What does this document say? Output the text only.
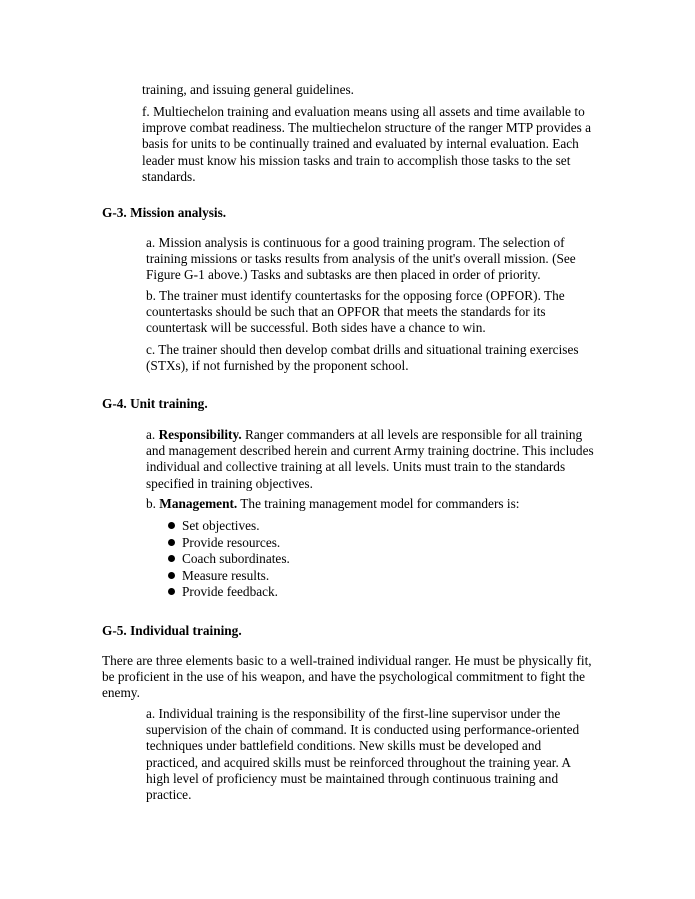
training, and issuing general guidelines.

f. Multiechelon training and evaluation means using all assets and time available to improve combat readiness. The multiechelon structure of the ranger MTP provides a basis for units to be continually trained and evaluated by internal evaluation. Each leader must know his mission tasks and train to accomplish those tasks to the set standards.

G-3. Mission analysis.

a. Mission analysis is continuous for a good training program. The selection of training missions or tasks results from analysis of the unit's overall mission. (See Figure G-1 above.) Tasks and subtasks are then placed in order of priority.

b. The trainer must identify countertasks for the opposing force (OPFOR). The countertasks should be such that an OPFOR that meets the standards for its countertask will be successful. Both sides have a chance to win.

c. The trainer should then develop combat drills and situational training exercises (STXs), if not furnished by the proponent school.

G-4. Unit training.

a. Responsibility. Ranger commanders at all levels are responsible for all training and management described herein and current Army training doctrine. This includes individual and collective training at all levels. Units must train to the standards specified in training objectives.

b. Management. The training management model for commanders is:

Set objectives.
Provide resources.
Coach subordinates.
Measure results.
Provide feedback.
G-5. Individual training.

There are three elements basic to a well-trained individual ranger. He must be physically fit, be proficient in the use of his weapon, and have the psychological commitment to fight the enemy.

a. Individual training is the responsibility of the first-line supervisor under the supervision of the chain of command. It is conducted using performance-oriented techniques under battlefield conditions. New skills must be developed and practiced, and acquired skills must be reinforced throughout the training year. A high level of proficiency must be maintained through continuous training and practice.
